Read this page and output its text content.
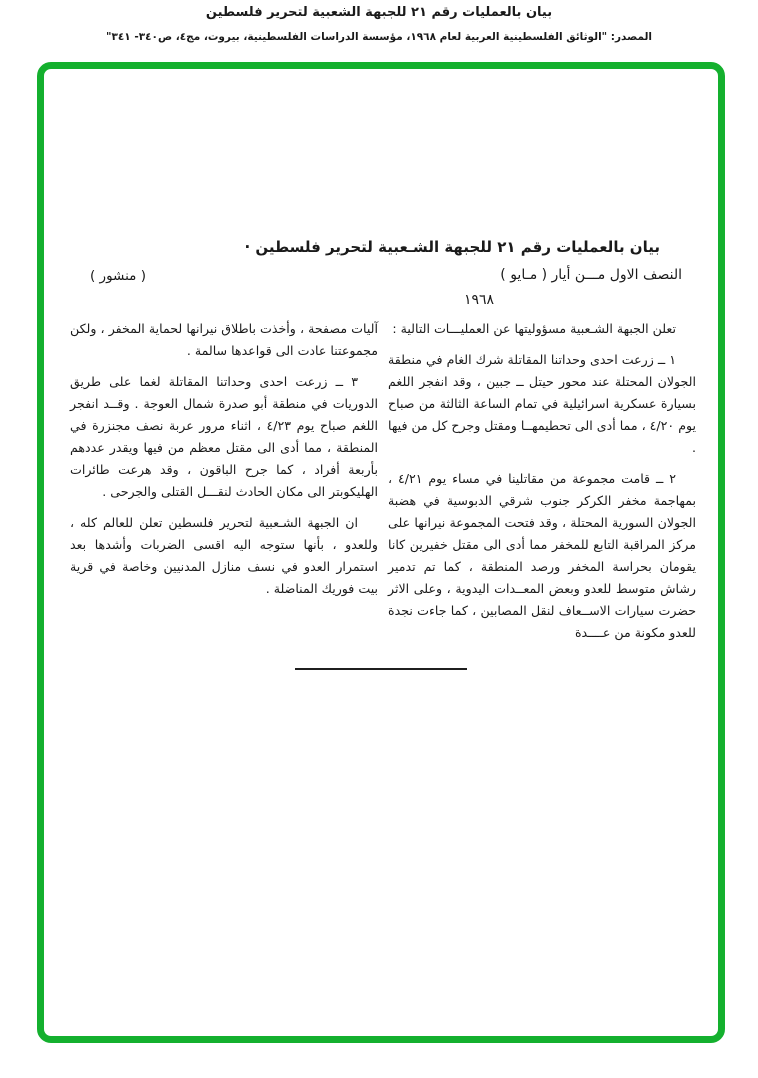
بيان بالعمليات رقم ٢١ للجبهة الشعبية لتحرير فلسطين
المصدر: "الوثائق الفلسطينية العربية لعام ١٩٦٨، مؤسسة الدراسات الفلسطينية، بيروت، مج٤، ص٣٤٠- ٣٤١"
بيان بالعمليات رقم ٢١ للجبهة الشـعبية لتحرير فلسطين ·
النصف الاول مـــن أيار ( مـايو )
١٩٦٨
( منشور )

تعلن الجبهة الشـعبية مسؤوليتها عن العمليـــات التالية :

١ ــ زرعت احدى وحداتنا المقاتلة شرك الغام في منطقة الجولان المحتلة عند محور حيتل ــ جبين ، وقد انفجر اللغم بسيارة عسكرية اسرائيلية في تمام الساعة الثالثة من صباح يوم ٤/٢٠ ، مما أدى الى تحطيمهــا ومقتل وجرح كل من فيها .

٢ ــ قامت مجموعة من مقاتلينا في مساء يوم ٤/٢١ ، بمهاجمة مخفر الكركر جنوب شرقي الدبوسية في هضبة الجولان السورية المحتلة ، وقد فتحت المجموعة نيرانها على مركز المراقبة التابع للمخفر مما أدى الى مقتل خفيرين كانا يقومان بحراسة المخفر ورصد المنطقة ، كما تم تدمير رشاش متوسط للعدو وبعض المعــدات اليدوية ، وعلى الاثر حضرت سيارات الاســعاف لنقل المصابين ، كما جاءت نجدة للعدو مكونة من عــــدة

آليات مصفحة ، وأخذت باطلاق نيرانها لحماية المخفر ، ولكن مجموعتنا عادت الى قواعدها سالمة .

٣ ــ زرعت احدى وحداتنا المقاتلة لغما على طريق الدوريات في منطقة أبو صدرة شمال العوجة . وقــد انفجر اللغم صباح يوم ٤/٢٣ ، اثناء مرور عربة نصف مجنزرة في المنطقة ، مما أدى الى مقتل معظم من فيها ويقدر عددهم بأربعة أفراد ، كما جرح الباقون ، وقد هرعت طائرات الهليكوبتر الى مكان الحادث لنقـــل القتلى والجرحى .

ان الجبهة الشـعبية لتحرير فلسطين تعلن للعالم كله ، وللعدو ، بأنها ستوجه اليه اقسى الضربات وأشدها بعد استمرار العدو في نسف منازل المدنيين وخاصة في قرية بيت فوريك المناضلة .
